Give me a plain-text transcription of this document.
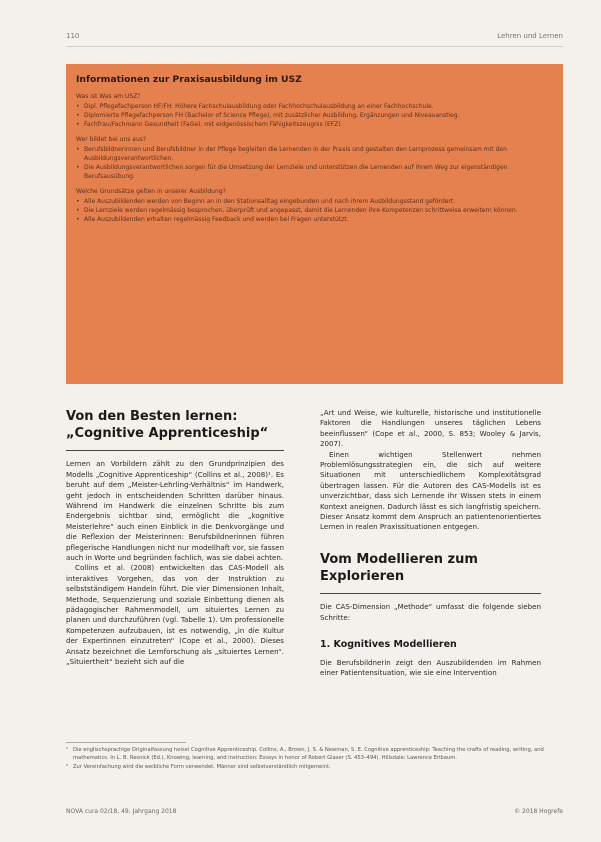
110	Lehren und Lernen
Informationen zur Praxisausbildung im USZ
Was ist Was am USZ?
• Dipl. Pflegefachperson HF/FH. Höhere Fachschulausbildung oder Fachhochschulausbildung an einer Fachhochschule.
• Diplomierte Pflegefachperson FH (Bachelor of Science Pflege), mit zusätzlicher Ausbildung, Ergänzungen und Niveauanstieg.
• Fachfrau/Fachmann Gesundheit (FaGe), mit eidgenössischem Fähigkeitszeugnis (EFZ).
Wer bildet bei uns aus?
• Berufsbildnerinnen und Berufsbildner in der Pflege begleiten die Lernenden in der Praxis und gestalten den Lernprozess gemeinsam mit den Ausbildungsverantwortlichen.
• Die Ausbildungsverantwortlichen sorgen für die Umsetzung der Lernziele und unterstützen die Lernenden auf ihrem Weg zur eigenständigen Berufsausübung.
Welche Grundsätze gelten in unserer Ausbildung?
• Alle Auszubildenden werden von Beginn an in den Stationsalltag eingebunden und nach ihrem Ausbildungsstand gefördert.
• Die Lernziele werden regelmässig besprochen, überprüft und angepasst, damit die Lernenden ihre Kompetenzen schrittweise erweitern können.
• Alle Auszubildenden erhalten regelmässig Feedback und werden bei Fragen unterstützt.
Von den Besten lernen:
„Cognitive Apprenticeship“

Lernen an Vorbildern zählt zu den Grundprinzipien des Modells „Cognitive Apprenticeship“ (Collins et al., 2008)¹. Es beruht auf dem „Meister-Lehrling-Verhältnis“ im Handwerk, geht jedoch in entscheidenden Schritten darüber hinaus. Während im Handwerk die einzelnen Schritte bis zum Endergebnis sichtbar sind, ermöglicht die „kognitive Meisterlehre“ auch einen Einblick in die Denkvorgänge und die Reflexion der Meisterinnen: Berufsbildnerinnen führen pflegerische Handlungen nicht nur modellhaft vor, sie fassen auch in Worte und begründen fachlich, was sie dabei achten.

Collins et al. (2008) entwickelten das CAS-Modell als interaktives Vorgehen, das von der Instruktion zu selbstständigem Handeln führt. Die vier Dimensionen Inhalt, Methode, Sequenzierung und soziale Einbettung dienen als pädagogischer Rahmenmodell, um situiertes Lernen zu planen und durchzuführen (vgl. Tabelle 1). Um professionelle Kompetenzen aufzubauen, ist es notwendig, „in die Kultur der Expertinnen einzutreten“ (Cope et al., 2000). Dieses Ansatz bezeichnet die Lernforschung als „situiertes Lernen“. „Situiertheit“ bezieht sich auf die

„Art und Weise, wie kulturelle, historische und institutionelle Faktoren die Handlungen unseres täglichen Lebens beeinflussen“ (Cope et al., 2000, S. 853; Wooley & Jarvis, 2007).

Einen wichtigen Stellenwert nehmen Problemlösungsstrategien ein, die sich auf weitere Situationen mit unterschiedlichem Komplexitätsgrad übertragen lassen. Für die Autoren des CAS-Modells ist es unverzichtbar, dass sich Lernende ihr Wissen stets in einem Kontext aneignen. Dadurch lässt es sich langfristig speichern. Dieser Ansatz kommt dem Anspruch an patientenorientiertes Lernen in realen Praxissituationen entgegen.

Vom Modellieren zum Explorieren

Die CAS-Dimension „Methode“ umfasst die folgende sieben Schritte:

1. Kognitives Modellieren

Die Berufsbildnerin zeigt den Auszubildenden im Rahmen einer Patientensituation, wie sie eine Intervention

¹ Die englischsprachige Originalfassung heisst Cognitive Apprenticeship. Collins, A., Brown, J. S. & Newman, S. E. Cognitive apprenticeship: Teaching the crafts of reading, writing, and mathematics. In L. B. Resnick (Ed.), Knowing, learning, and instruction: Essays in honor of Robert Glaser (S. 453–494). Hillsdale: Lawrence Erlbaum.
² Zur Vereinfachung wird die weibliche Form verwendet. Männer sind selbstverständlich mitgemeint.
NOVA cura 02/18, 49. Jahrgang 2018	© 2018 Hogrefe
